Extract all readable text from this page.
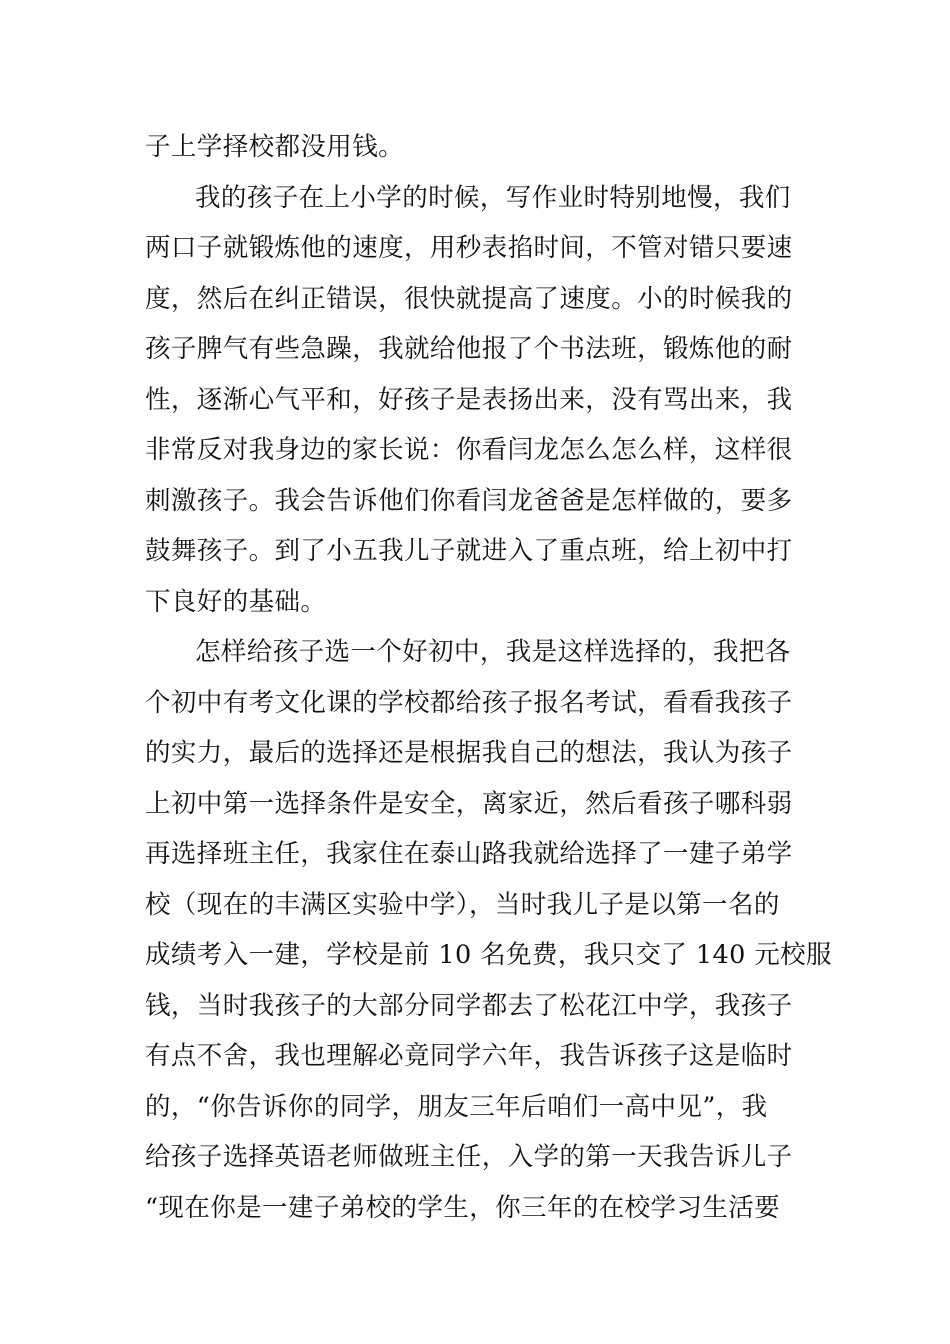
子上学择校都没用钱。
我的孩子在上小学的时候，写作业时特别地慢，我们
两口子就锻炼他的速度，用秒表掐时间，不管对错只要速
度，然后在纠正错误，很快就提高了速度。小的时候我的
孩子脾气有些急躁，我就给他报了个书法班，锻炼他的耐
性，逐渐心气平和，好孩子是表扬出来，没有骂出来，我
非常反对我身边的家长说：你看闫龙怎么怎么样，这样很
刺激孩子。我会告诉他们你看闫龙爸爸是怎样做的，要多
鼓舞孩子。到了小五我儿子就进入了重点班，给上初中打
下良好的基础。
怎样给孩子选一个好初中，我是这样选择的，我把各
个初中有考文化课的学校都给孩子报名考试，看看我孩子
的实力，最后的选择还是根据我自己的想法，我认为孩子
上初中第一选择条件是安全，离家近，然后看孩子哪科弱
再选择班主任，我家住在泰山路我就给选择了一建子弟学
校（现在的丰满区实验中学），当时我儿子是以第一名的
成绩考入一建，学校是前 10 名免费，我只交了 140 元校服
钱，当时我孩子的大部分同学都去了松花江中学，我孩子
有点不舍，我也理解必竟同学六年，我告诉孩子这是临时
的，“你告诉你的同学，朋友三年后咱们一高中见”，我
给孩子选择英语老师做班主任，入学的第一天我告诉儿子
“现在你是一建子弟校的学生，你三年的在校学习生活要
